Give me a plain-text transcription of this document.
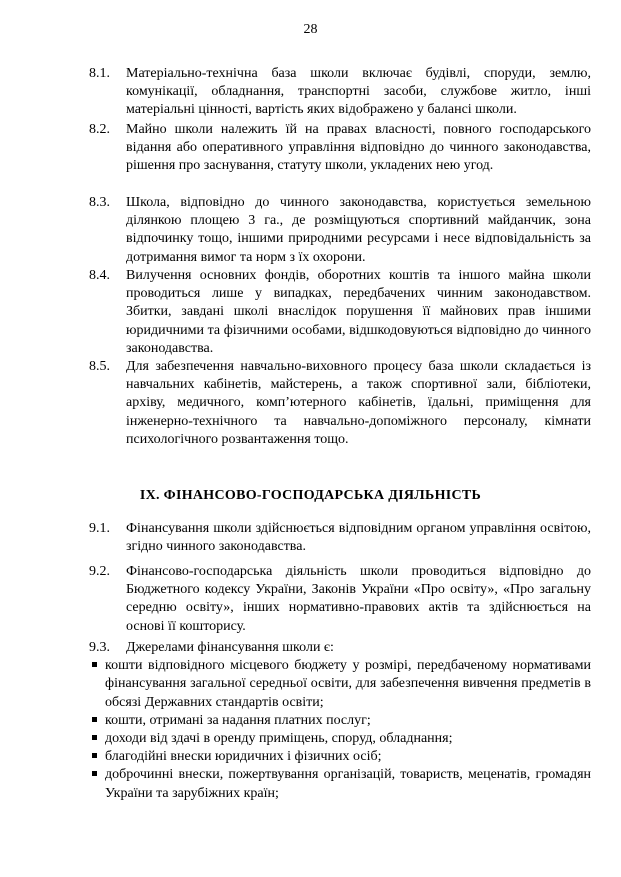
28
8.1.	Матеріально-технічна база школи включає будівлі, споруди, землю, комунікації, обладнання, транспортні засоби, службове житло, інші матеріальні цінності, вартість яких відображено у балансі школи.
8.2.	Майно школи належить їй на правах власності, повного господарського відання або оперативного управління відповідно до чинного законодавства, рішення про заснування, статуту школи, укладених нею угод.
8.3.	Школа, відповідно до чинного законодавства, користується земельною ділянкою площею 3 га., де розміщуються спортивний майданчик, зона відпочинку тощо, іншими природними ресурсами і несе відповідальність за дотримання вимог та норм з їх охорони.
8.4.	Вилучення основних фондів, оборотних коштів та іншого майна школи проводиться лише у випадках, передбачених чинним законодавством. Збитки, завдані школі внаслідок порушення її майнових прав іншими юридичними та фізичними особами, відшкодовуються відповідно до чинного законодавства.
8.5.	Для забезпечення навчально-виховного процесу база школи складається із навчальних кабінетів, майстерень, а також спортивної зали, бібліотеки, архіву, медичного, комп’ютерного кабінетів, їдальні, приміщення для інженерно-технічного та навчально-допоміжного персоналу, кімнати психологічного розвантаження тощо.
IX. ФІНАНСОВО-ГОСПОДАРСЬКА ДІЯЛЬНІСТЬ
9.1.	Фінансування школи здійснюється відповідним органом управління освітою, згідно чинного законодавства.
9.2.	Фінансово-господарська діяльність школи проводиться відповідно до Бюджетного кодексу України, Законів України «Про освіту», «Про загальну середню освіту», інших нормативно-правових актів та здійснюється на основі її кошторису.
9.3.	Джерелами фінансування школи є:
кошти відповідного місцевого бюджету у розмірі, передбаченому нормативами фінансування загальної середньої освіти, для забезпечення вивчення предметів в обсязі Державних стандартів освіти;
кошти, отримані за надання платних послуг;
доходи від здачі в оренду приміщень, споруд, обладнання;
благодійні внески юридичних і фізичних осіб;
доброчинні внески, пожертвування організацій, товариств, меценатів, громадян України та зарубіжних країн;
